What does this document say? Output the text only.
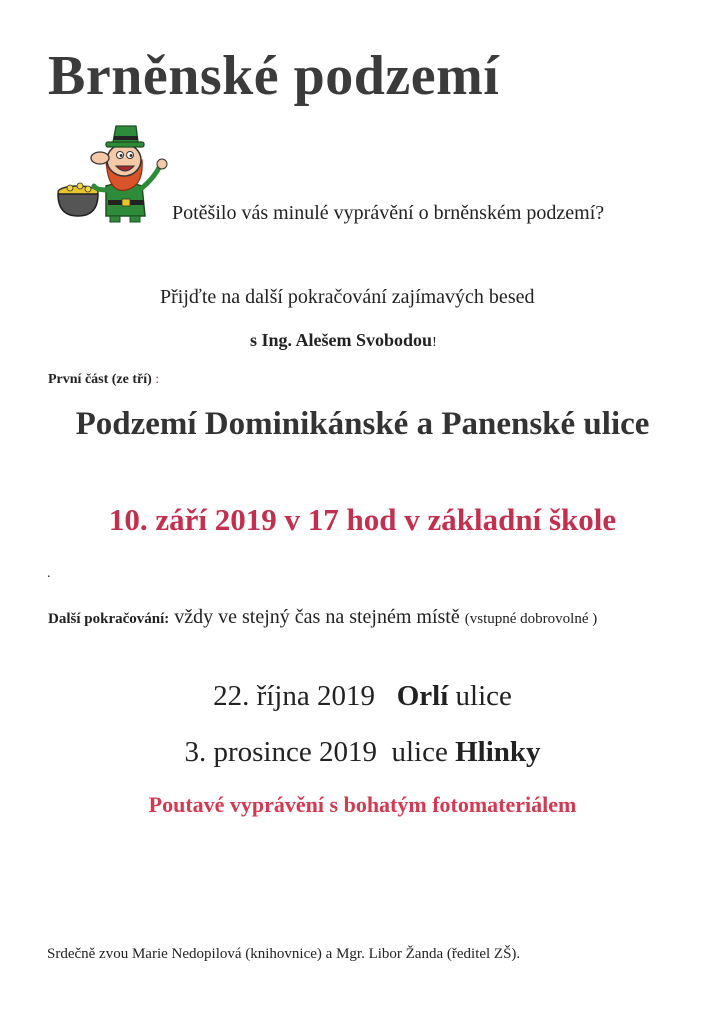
Brněnské podzemí
Potěšilo vás minulé vyprávění o brněnském podzemí?
Přijďte na další pokračování zajímavých besed
s Ing. Alešem Svobodou!
První část (ze tří) :
Podzemí Dominikánské a Panenské ulice
10. září 2019 v 17 hod v základní škole
.
Další pokračování: vždy ve stejný čas na stejném místě (vstupné dobrovolné )
22. října 2019 Orlí ulice
3. prosince 2019 ulice Hlinky
Poutavé vyprávění s bohatým fotomateriálem
Srdečně zvou Marie Nedopilová (knihovnice) a Mgr. Libor Žanda (ředitel ZŠ).
